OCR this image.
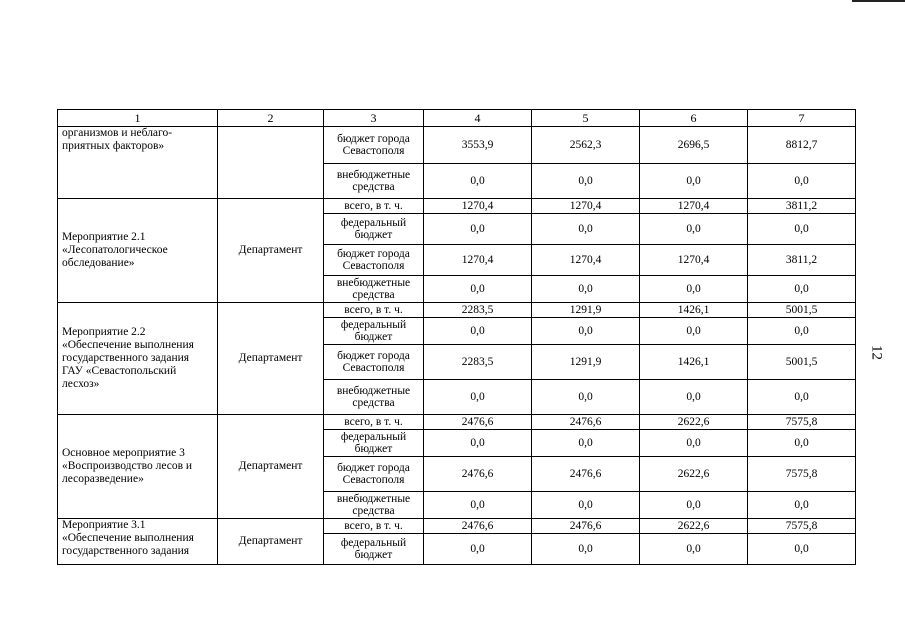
1	2	3	4	5	6	7
организмов и неблаго-
приятных факторов»		бюджет города
Севастополя	3553,9	2562,3	2696,5	8812,7
		внебюджетные
средства	0,0	0,0	0,0	0,0
Мероприятие 2.1
«Лесопатологическое
обследование»	Департамент	всего, в т. ч.	1270,4	1270,4	1270,4	3811,2
		федеральный
бюджет	0,0	0,0	0,0	0,0
		бюджет города
Севастополя	1270,4	1270,4	1270,4	3811,2
		внебюджетные
средства	0,0	0,0	0,0	0,0
Мероприятие 2.2
«Обеспечение выполнения
государственного задания
ГАУ «Севастопольский
лесхоз»	Департамент	всего, в т. ч.	2283,5	1291,9	1426,1	5001,5
		федеральный
бюджет	0,0	0,0	0,0	0,0
		бюджет города
Севастополя	2283,5	1291,9	1426,1	5001,5
		внебюджетные
средства	0,0	0,0	0,0	0,0
Основное мероприятие 3
«Воспроизводство лесов и
лесоразведение»	Департамент	всего, в т. ч.	2476,6	2476,6	2622,6	7575,8
		федеральный
бюджет	0,0	0,0	0,0	0,0
		бюджет города
Севастополя	2476,6	2476,6	2622,6	7575,8
		внебюджетные
средства	0,0	0,0	0,0	0,0
Мероприятие 3.1
«Обеспечение выполнения
государственного задания	Департамент	всего, в т. ч.	2476,6	2476,6	2622,6	7575,8
		федеральный
бюджет	0,0	0,0	0,0	0,0
12
